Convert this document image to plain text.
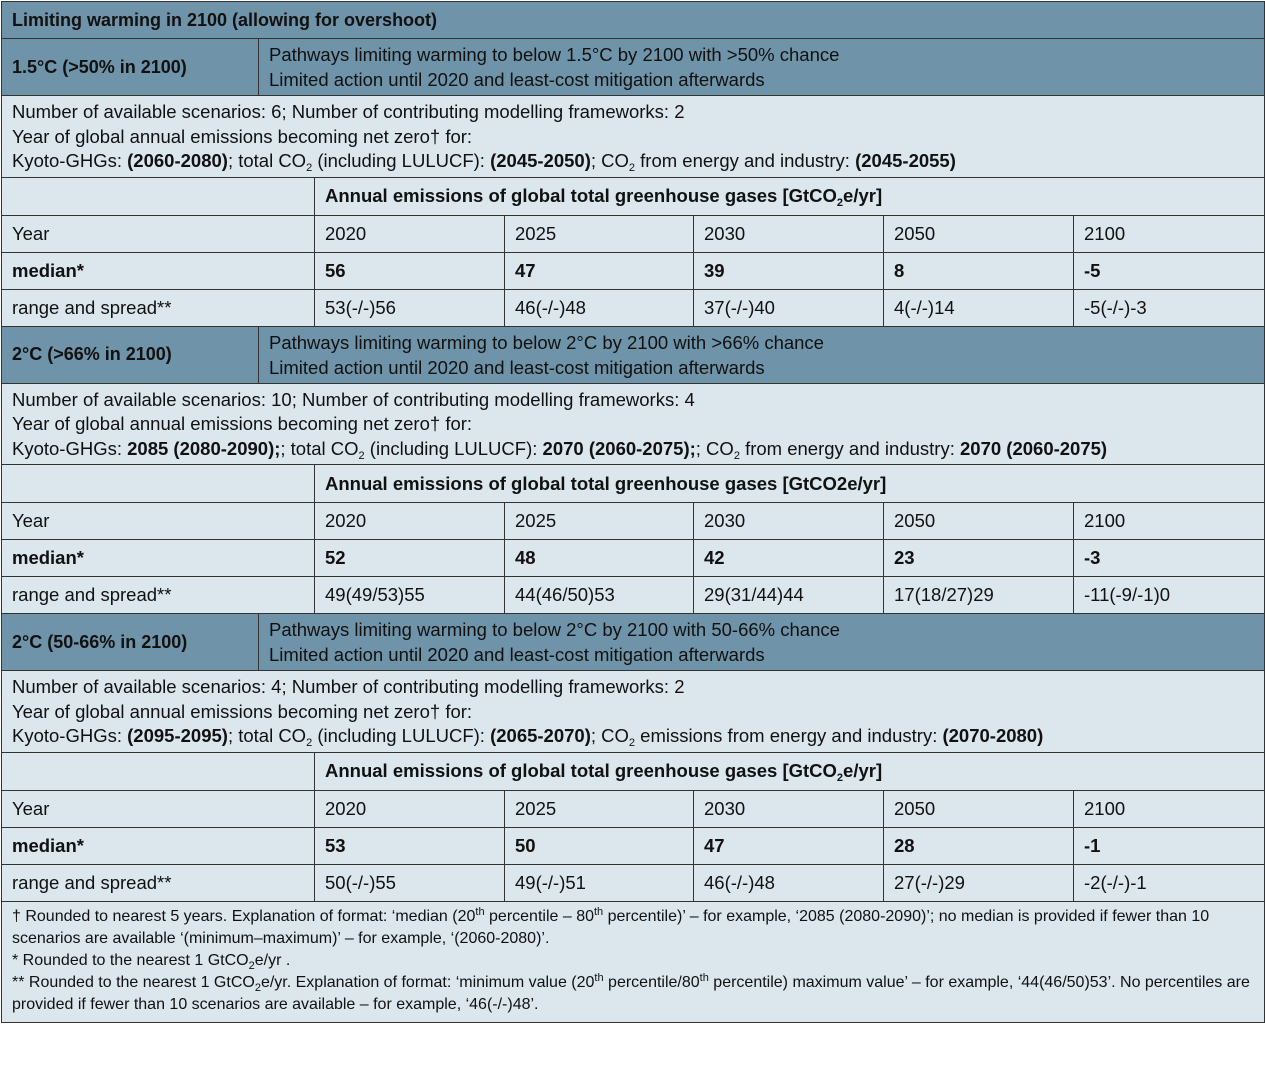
Limiting warming in 2100 (allowing for overshoot)						
1.5°C (>50% in 2100)	Pathways limiting warming to below 1.5°C by 2100 with >50% chance
Limited action until 2020 and least-cost mitigation afterwards					

Number of available scenarios: 6; Number of contributing modelling frameworks: 2
Year of global annual emissions becoming net zero† for:
Kyoto-GHGs: (2060-2080); total $CO_2$ (including LULUCF): (2045-2050); $CO_2$ from energy and industry: (2045-2055)						

		Annual emissions of global total greenhouse gases [GtCO$_2$e/yr]				
Year		2020	2025	2030	2050	2100
median*		56	47	39	8	-5
range and spread**		53(-/-)56	46(-/-)48	37(-/-)40	4(-/-)14	-5(-/-)-3
2°C (>66% in 2100)	Pathways limiting warming to below 2°C by 2100 with >66% chance
Limited action until 2020 and least-cost mitigation afterwards					

Number of available scenarios: 10; Number of contributing modelling frameworks: 4
Year of global annual emissions becoming net zero† for:
Kyoto-GHGs: 2085 (2080-2090);; total $CO_2$ (including LULUCF): 2070 (2060-2075);; $CO_2$ from energy and industry: 2070 (2060-2075)						

		Annual emissions of global total greenhouse gases [GtCO2e/yr]				
Year		2020	2025	2030	2050	2100
median*		52	48	42	23	-3
range and spread**		49(49/53)55	44(46/50)53	29(31/44)44	17(18/27)29	-11(-9/-1)0
2°C (50-66% in 2100)	Pathways limiting warming to below 2°C by 2100 with 50-66% chance
Limited action until 2020 and least-cost mitigation afterwards					

Number of available scenarios: 4; Number of contributing modelling frameworks: 2
Year of global annual emissions becoming net zero† for:
Kyoto-GHGs: (2095-2095); total $CO_2$ (including LULUCF): (2065-2070); $CO_2$ emissions from energy and industry: (2070-2080)						

		Annual emissions of global total greenhouse gases [GtCO$_2$e/yr]				
Year		2020	2025	2030	2050	2100
median*		53	50	47	28	-1
range and spread**		50(-/-)55	49(-/-)51	46(-/-)48	27(-/-)29	-2(-/-)-1

† Rounded to nearest 5 years. Explanation of format: ‘median (20th percentile – 80th percentile)’ – for example, ‘2085 (2080-2090)’; no median is provided if fewer than 10 scenarios are available ‘(minimum–maximum)’ – for example, ‘(2060-2080)’.
* Rounded to the nearest 1 GtCO$_2$e/yr .
** Rounded to the nearest 1 GtCO$_2$e/yr. Explanation of format: ‘minimum value (20th percentile/80th percentile) maximum value’ – for example, ‘44(46/50)53’. No percentiles are provided if fewer than 10 scenarios are available – for example, ‘46(-/-)48’.						
